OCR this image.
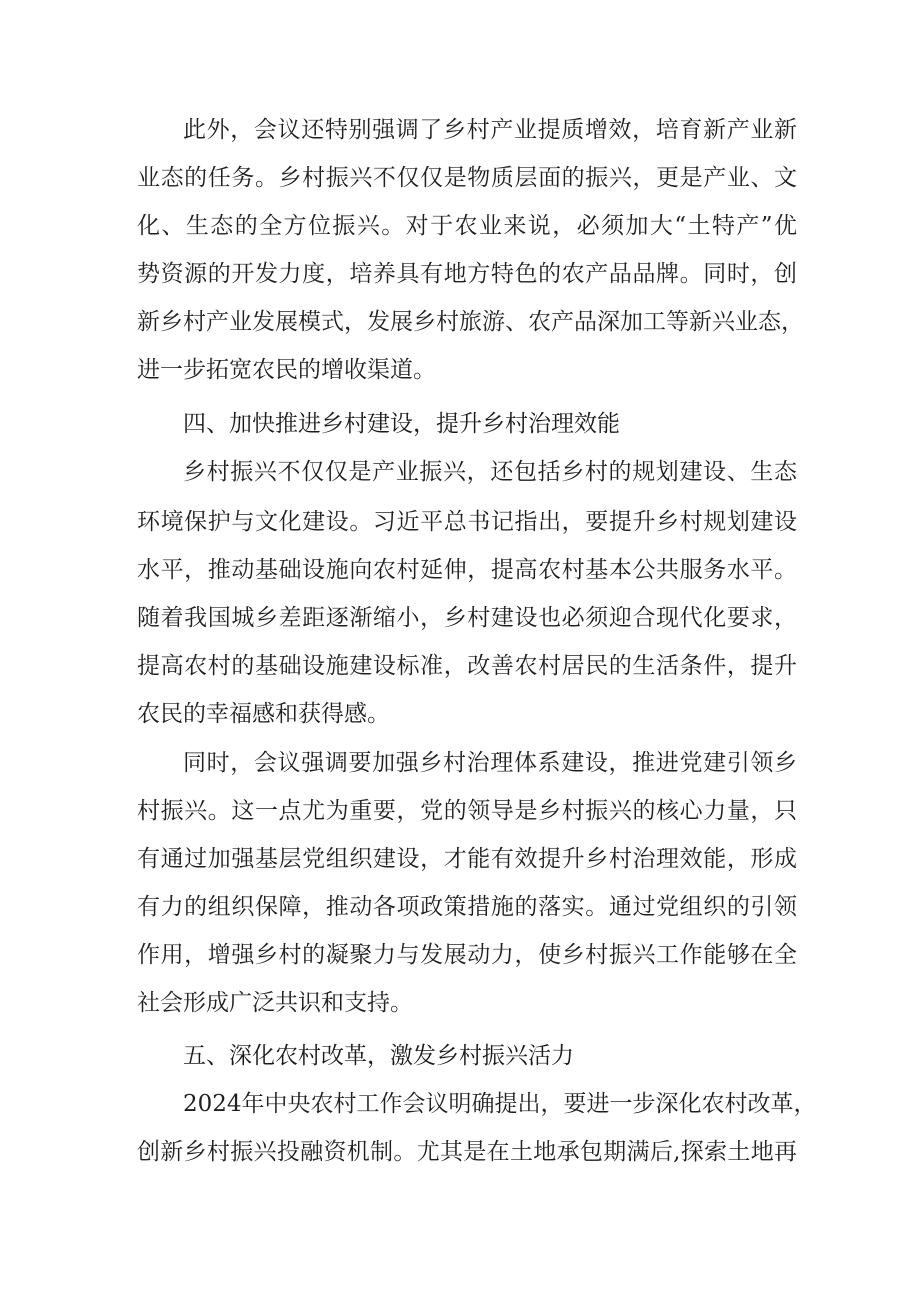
此外，会议还特别强调了乡村产业提质增效，培育新产业新
业态的任务。乡村振兴不仅仅是物质层面的振兴，更是产业、文
化、生态的全方位振兴。对于农业来说，必须加大“土特产”优
势资源的开发力度，培养具有地方特色的农产品品牌。同时，创
新乡村产业发展模式，发展乡村旅游、农产品深加工等新兴业态，
进一步拓宽农民的增收渠道。
四、加快推进乡村建设，提升乡村治理效能
乡村振兴不仅仅是产业振兴，还包括乡村的规划建设、生态
环境保护与文化建设。习近平总书记指出，要提升乡村规划建设
水平，推动基础设施向农村延伸，提高农村基本公共服务水平。
随着我国城乡差距逐渐缩小，乡村建设也必须迎合现代化要求，
提高农村的基础设施建设标准，改善农村居民的生活条件，提升
农民的幸福感和获得感。
同时，会议强调要加强乡村治理体系建设，推进党建引领乡
村振兴。这一点尤为重要，党的领导是乡村振兴的核心力量，只
有通过加强基层党组织建设，才能有效提升乡村治理效能，形成
有力的组织保障，推动各项政策措施的落实。通过党组织的引领
作用，增强乡村的凝聚力与发展动力，使乡村振兴工作能够在全
社会形成广泛共识和支持。
五、深化农村改革，激发乡村振兴活力
2024年中央农村工作会议明确提出，要进一步深化农村改革，
创新乡村振兴投融资机制。尤其是在土地承包期满后,探索土地再
